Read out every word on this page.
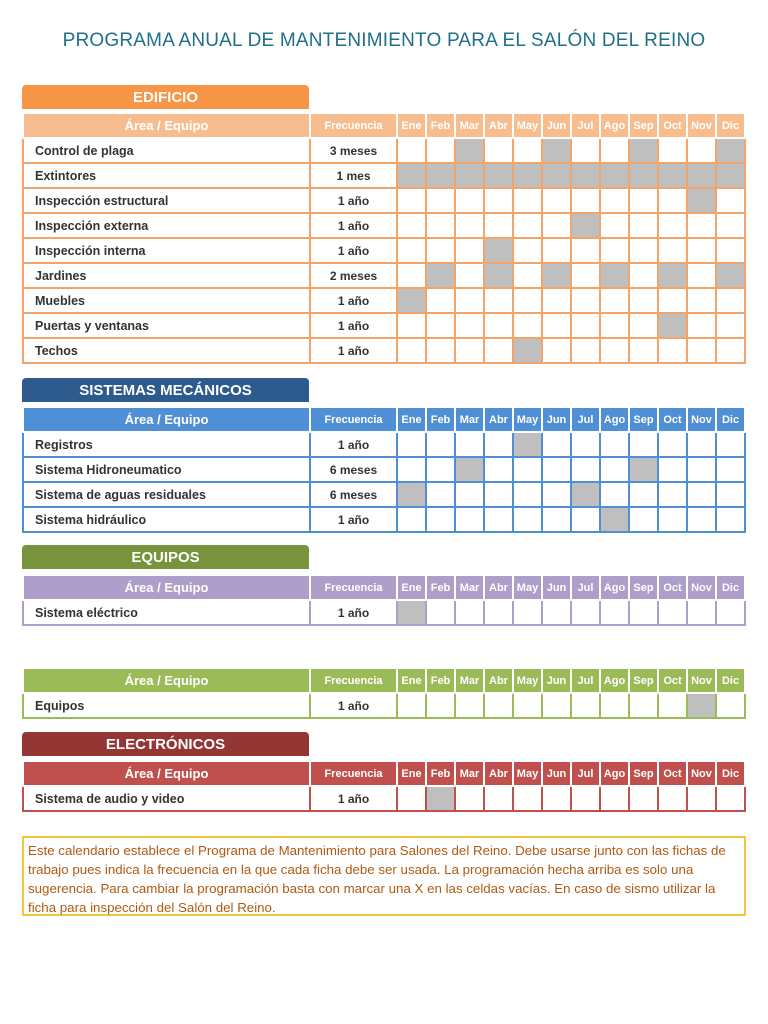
PROGRAMA ANUAL DE MANTENIMIENTO PARA EL SALÓN DEL REINO
EDIFICIO
Área / Equipo	Frecuencia	Ene	Feb	Mar	Abr	May	Jun	Jul	Ago	Sep	Oct	Nov	Dic
Control de plaga	3 meses												
Extintores	1 mes												
Inspección estructural	1 año												
Inspección externa	1 año												
Inspección interna	1 año												
Jardines	2 meses												
Muebles	1 año												
Puertas y ventanas	1 año												
Techos	1 año												
SISTEMAS MECÁNICOS
Área / Equipo	Frecuencia	Ene	Feb	Mar	Abr	May	Jun	Jul	Ago	Sep	Oct	Nov	Dic
Registros	1 año												
Sistema Hidroneumatico	6 meses												
Sistema de aguas residuales	6 meses												
Sistema hidráulico	1 año												
EQUIPOS
Área / Equipo	Frecuencia	Ene	Feb	Mar	Abr	May	Jun	Jul	Ago	Sep	Oct	Nov	Dic
Sistema eléctrico	1 año												
Área / Equipo	Frecuencia	Ene	Feb	Mar	Abr	May	Jun	Jul	Ago	Sep	Oct	Nov	Dic
Equipos	1 año												
ELECTRÓNICOS
Área / Equipo	Frecuencia	Ene	Feb	Mar	Abr	May	Jun	Jul	Ago	Sep	Oct	Nov	Dic
Sistema de audio y video	1 año												
Este calendario establece el Programa de Mantenimiento para Salones del Reino. Debe usarse junto con las fichas de trabajo pues indica la frecuencia en la que cada ficha debe ser usada. La programación hecha arriba es solo una sugerencia. Para cambiar la programación basta con marcar una X en las celdas vacías. En caso de sismo utilizar la ficha para inspección del Salón del Reino.
